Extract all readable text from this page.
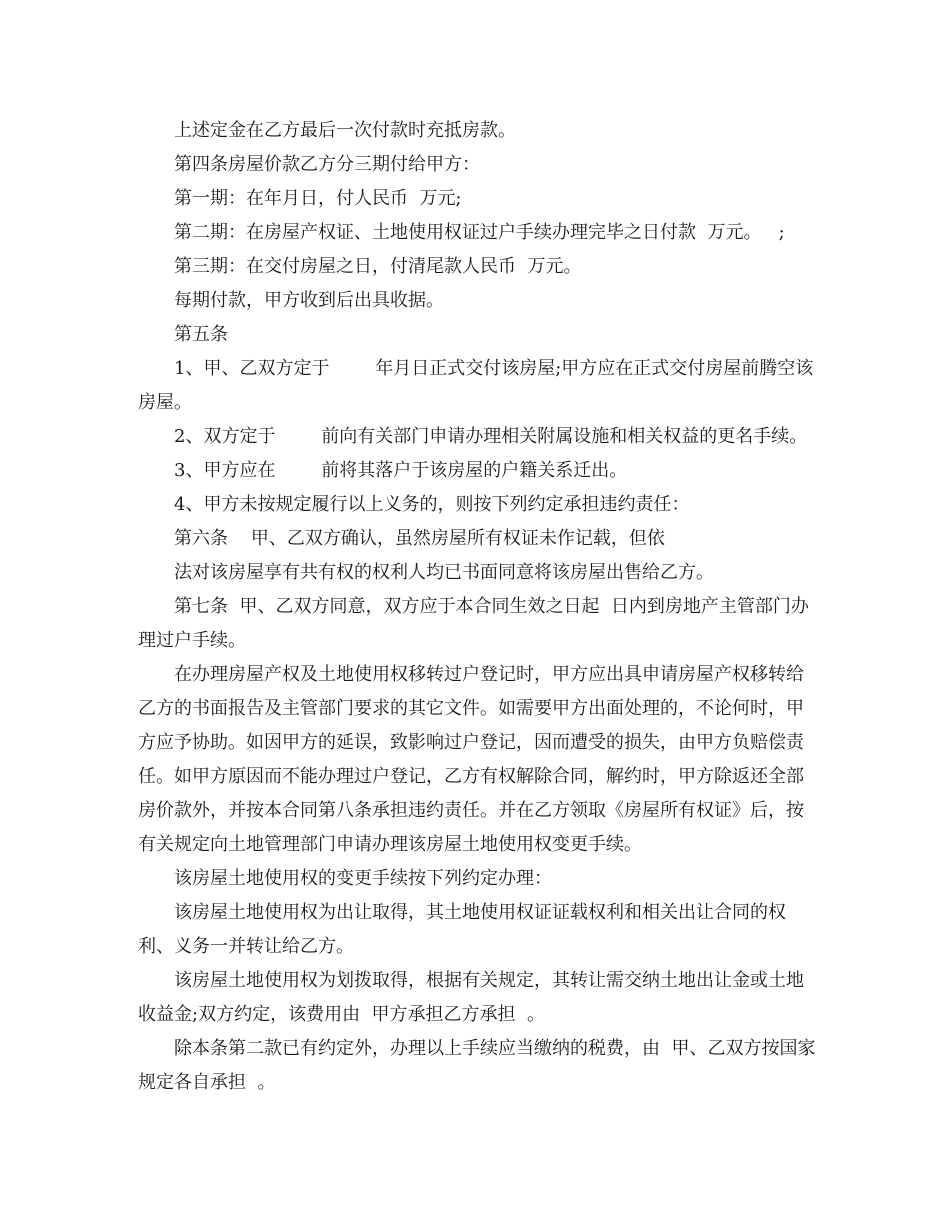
上述定金在乙方最后一次付款时充抵房款。

第四条房屋价款乙方分三期付给甲方：

第一期：在年月日，付人民币  万元;

第二期：在房屋产权证、土地使用权证过户手续办理完毕之日付款  万元。   ;

第三期：在交付房屋之日，付清尾款人民币  万元。

每期付款，甲方收到后出具收据。

第五条

1、甲、乙双方定于        年月日正式交付该房屋;甲方应在正式交付房屋前腾空该房屋。

2、双方定于        前向有关部门申请办理相关附属设施和相关权益的更名手续。

3、甲方应在        前将其落户于该房屋的户籍关系迁出。

4、甲方未按规定履行以上义务的，则按下列约定承担违约责任：

第六条    甲、乙双方确认，虽然房屋所有权证未作记载，但依

法对该房屋享有共有权的权利人均已书面同意将该房屋出售给乙方。

第七条  甲、乙双方同意，双方应于本合同生效之日起  日内到房地产主管部门办理过户手续。

在办理房屋产权及土地使用权移转过户登记时，甲方应出具申请房屋产权移转给乙方的书面报告及主管部门要求的其它文件。如需要甲方出面处理的，不论何时，甲方应予协助。如因甲方的延误，致影响过户登记，因而遭受的损失，由甲方负赔偿责任。如甲方原因而不能办理过户登记，乙方有权解除合同，解约时，甲方除返还全部房价款外，并按本合同第八条承担违约责任。并在乙方领取《房屋所有权证》后，按有关规定向土地管理部门申请办理该房屋土地使用权变更手续。

该房屋土地使用权的变更手续按下列约定办理：

该房屋土地使用权为出让取得，其土地使用权证证载权利和相关出让合同的权利、义务一并转让给乙方。

该房屋土地使用权为划拨取得，根据有关规定，其转让需交纳土地出让金或土地收益金;双方约定，该费用由  甲方承担乙方承担  。

除本条第二款已有约定外，办理以上手续应当缴纳的税费，由  甲、乙双方按国家规定各自承担  。
